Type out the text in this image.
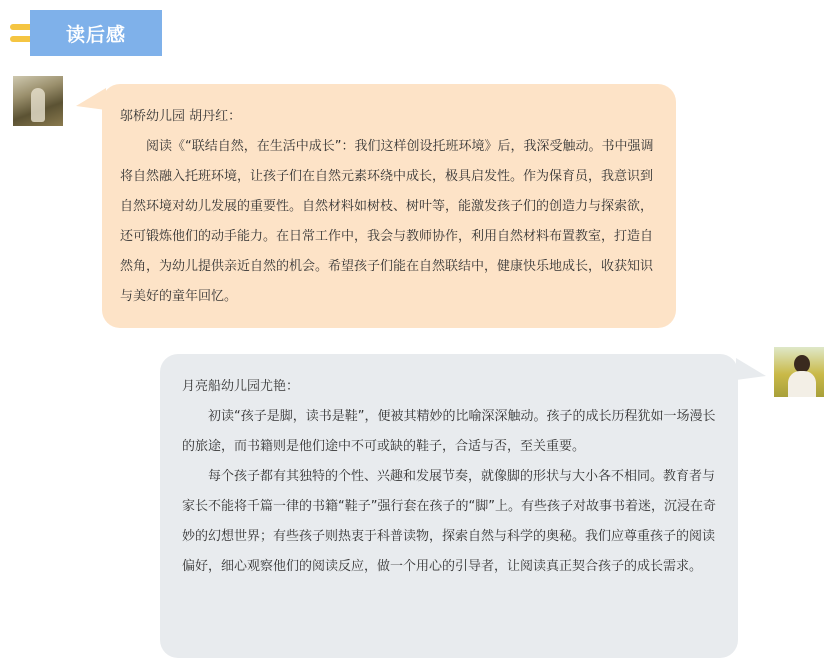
读后感

邬桥幼儿园 胡丹红：

阅读《“联结自然，在生活中成长”：我们这样创设托班环境》后，我深受触动。书中强调将自然融入托班环境，让孩子们在自然元素环绕中成长，极具启发性。作为保育员，我意识到自然环境对幼儿发展的重要性。自然材料如树枝、树叶等，能激发孩子们的创造力与探索欲，还可锻炼他们的动手能力。在日常工作中，我会与教师协作，利用自然材料布置教室，打造自然角，为幼儿提供亲近自然的机会。希望孩子们能在自然联结中，健康快乐地成长，收获知识与美好的童年回忆。

月亮船幼儿园尤艳：

初读“孩子是脚，读书是鞋”，便被其精妙的比喻深深触动。孩子的成长历程犹如一场漫长的旅途，而书籍则是他们途中不可或缺的鞋子，合适与否，至关重要。

每个孩子都有其独特的个性、兴趣和发展节奏，就像脚的形状与大小各不相同。教育者与家长不能将千篇一律的书籍“鞋子”强行套在孩子的“脚”上。有些孩子对故事书着迷，沉浸在奇妙的幻想世界；有些孩子则热衷于科普读物，探索自然与科学的奥秘。我们应尊重孩子的阅读偏好，细心观察他们的阅读反应，做一个用心的引导者，让阅读真正契合孩子的成长需求。
